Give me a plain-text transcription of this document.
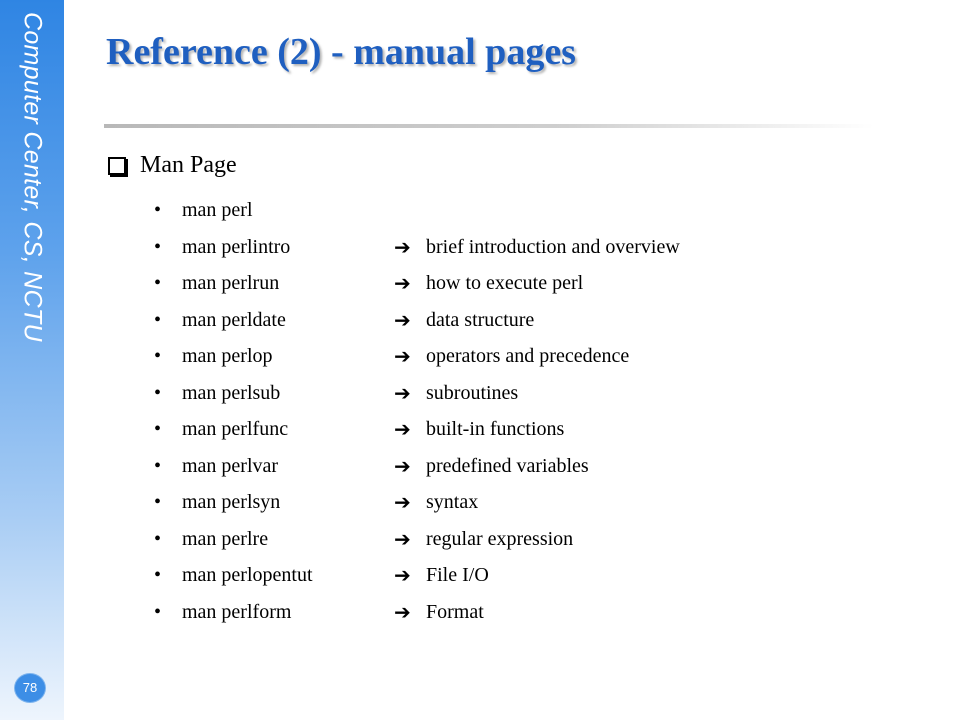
Computer Center, CS, NCTU
78
Reference (2) - manual pages
Man Page
•	man perl
•	man perlintro	➔ brief introduction and overview
•	man perlrun	➔ how to execute perl
•	man perldate	➔ data structure
•	man perlop	➔ operators and precedence
•	man perlsub	➔ subroutines
•	man perlfunc	➔ built-in functions
•	man perlvar	➔ predefined variables
•	man perlsyn	➔ syntax
•	man perlre	➔ regular expression
•	man perlopentut	➔ File I/O
•	man perlform	➔ Format
